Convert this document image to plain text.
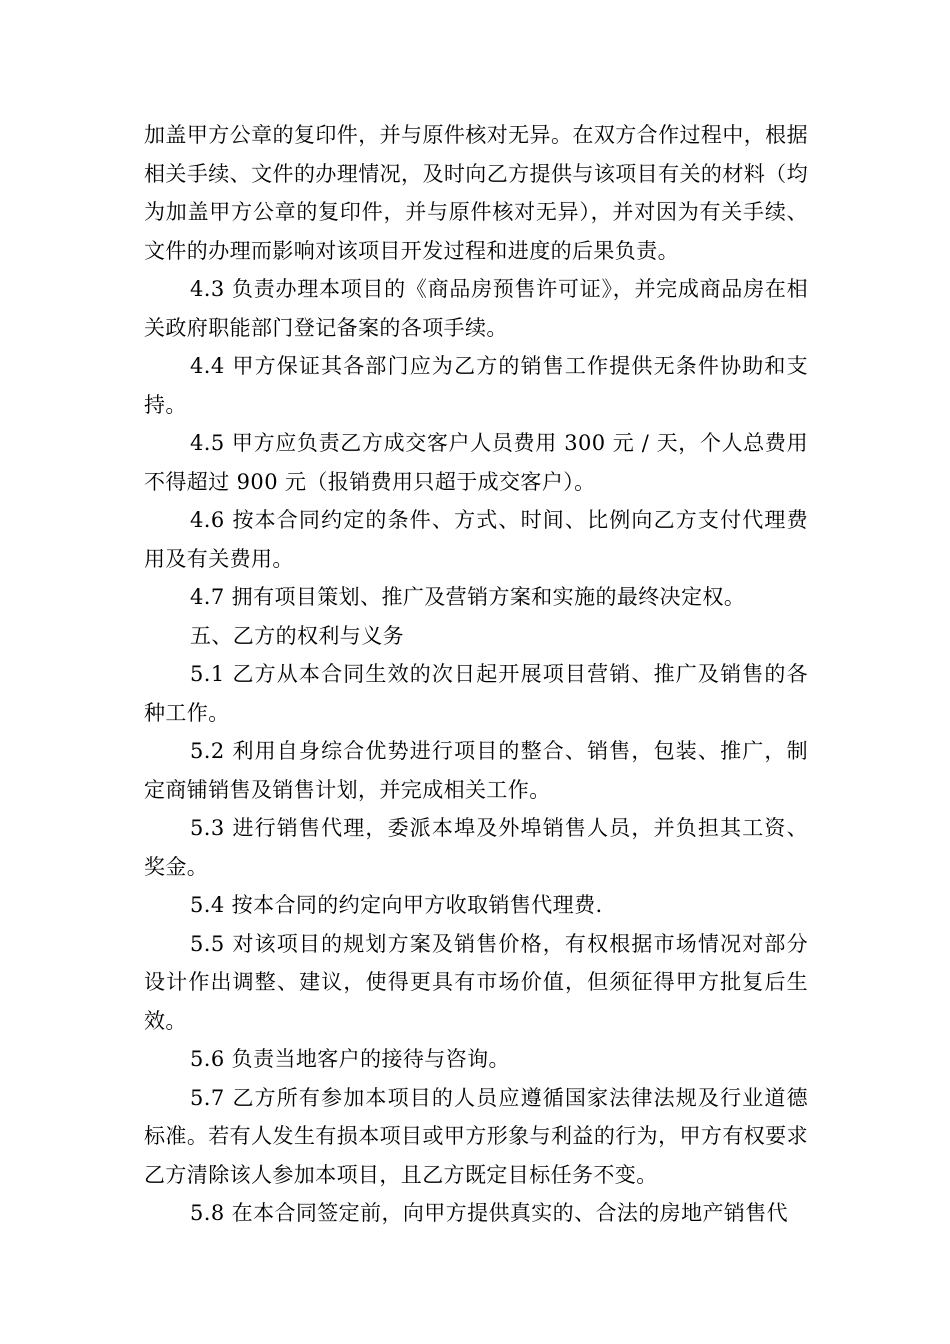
加盖甲方公章的复印件，并与原件核对无异。在双方合作过程中，根据相关手续、文件的办理情况，及时向乙方提供与该项目有关的材料（均为加盖甲方公章的复印件，并与原件核对无异），并对因为有关手续、文件的办理而影响对该项目开发过程和进度的后果负责。

4.3 负责办理本项目的《商品房预售许可证》，并完成商品房在相关政府职能部门登记备案的各项手续。

4.4 甲方保证其各部门应为乙方的销售工作提供无条件协助和支持。

4.5 甲方应负责乙方成交客户人员费用 300 元 / 天，个人总费用不得超过 900 元（报销费用只超于成交客户）。

4.6 按本合同约定的条件、方式、时间、比例向乙方支付代理费用及有关费用。

4.7 拥有项目策划、推广及营销方案和实施的最终决定权。

五、乙方的权利与义务

5.1 乙方从本合同生效的次日起开展项目营销、推广及销售的各种工作。

5.2 利用自身综合优势进行项目的整合、销售，包装、推广，制定商铺销售及销售计划，并完成相关工作。

5.3 进行销售代理，委派本埠及外埠销售人员，并负担其工资、奖金。

5.4 按本合同的约定向甲方收取销售代理费.

5.5 对该项目的规划方案及销售价格，有权根据市场情况对部分设计作出调整、建议，使得更具有市场价值，但须征得甲方批复后生效。

5.6 负责当地客户的接待与咨询。

5.7 乙方所有参加本项目的人员应遵循国家法律法规及行业道德标准。若有人发生有损本项目或甲方形象与利益的行为，甲方有权要求乙方清除该人参加本项目，且乙方既定目标任务不变。

5.8 在本合同签定前，向甲方提供真实的、合法的房地产销售代
